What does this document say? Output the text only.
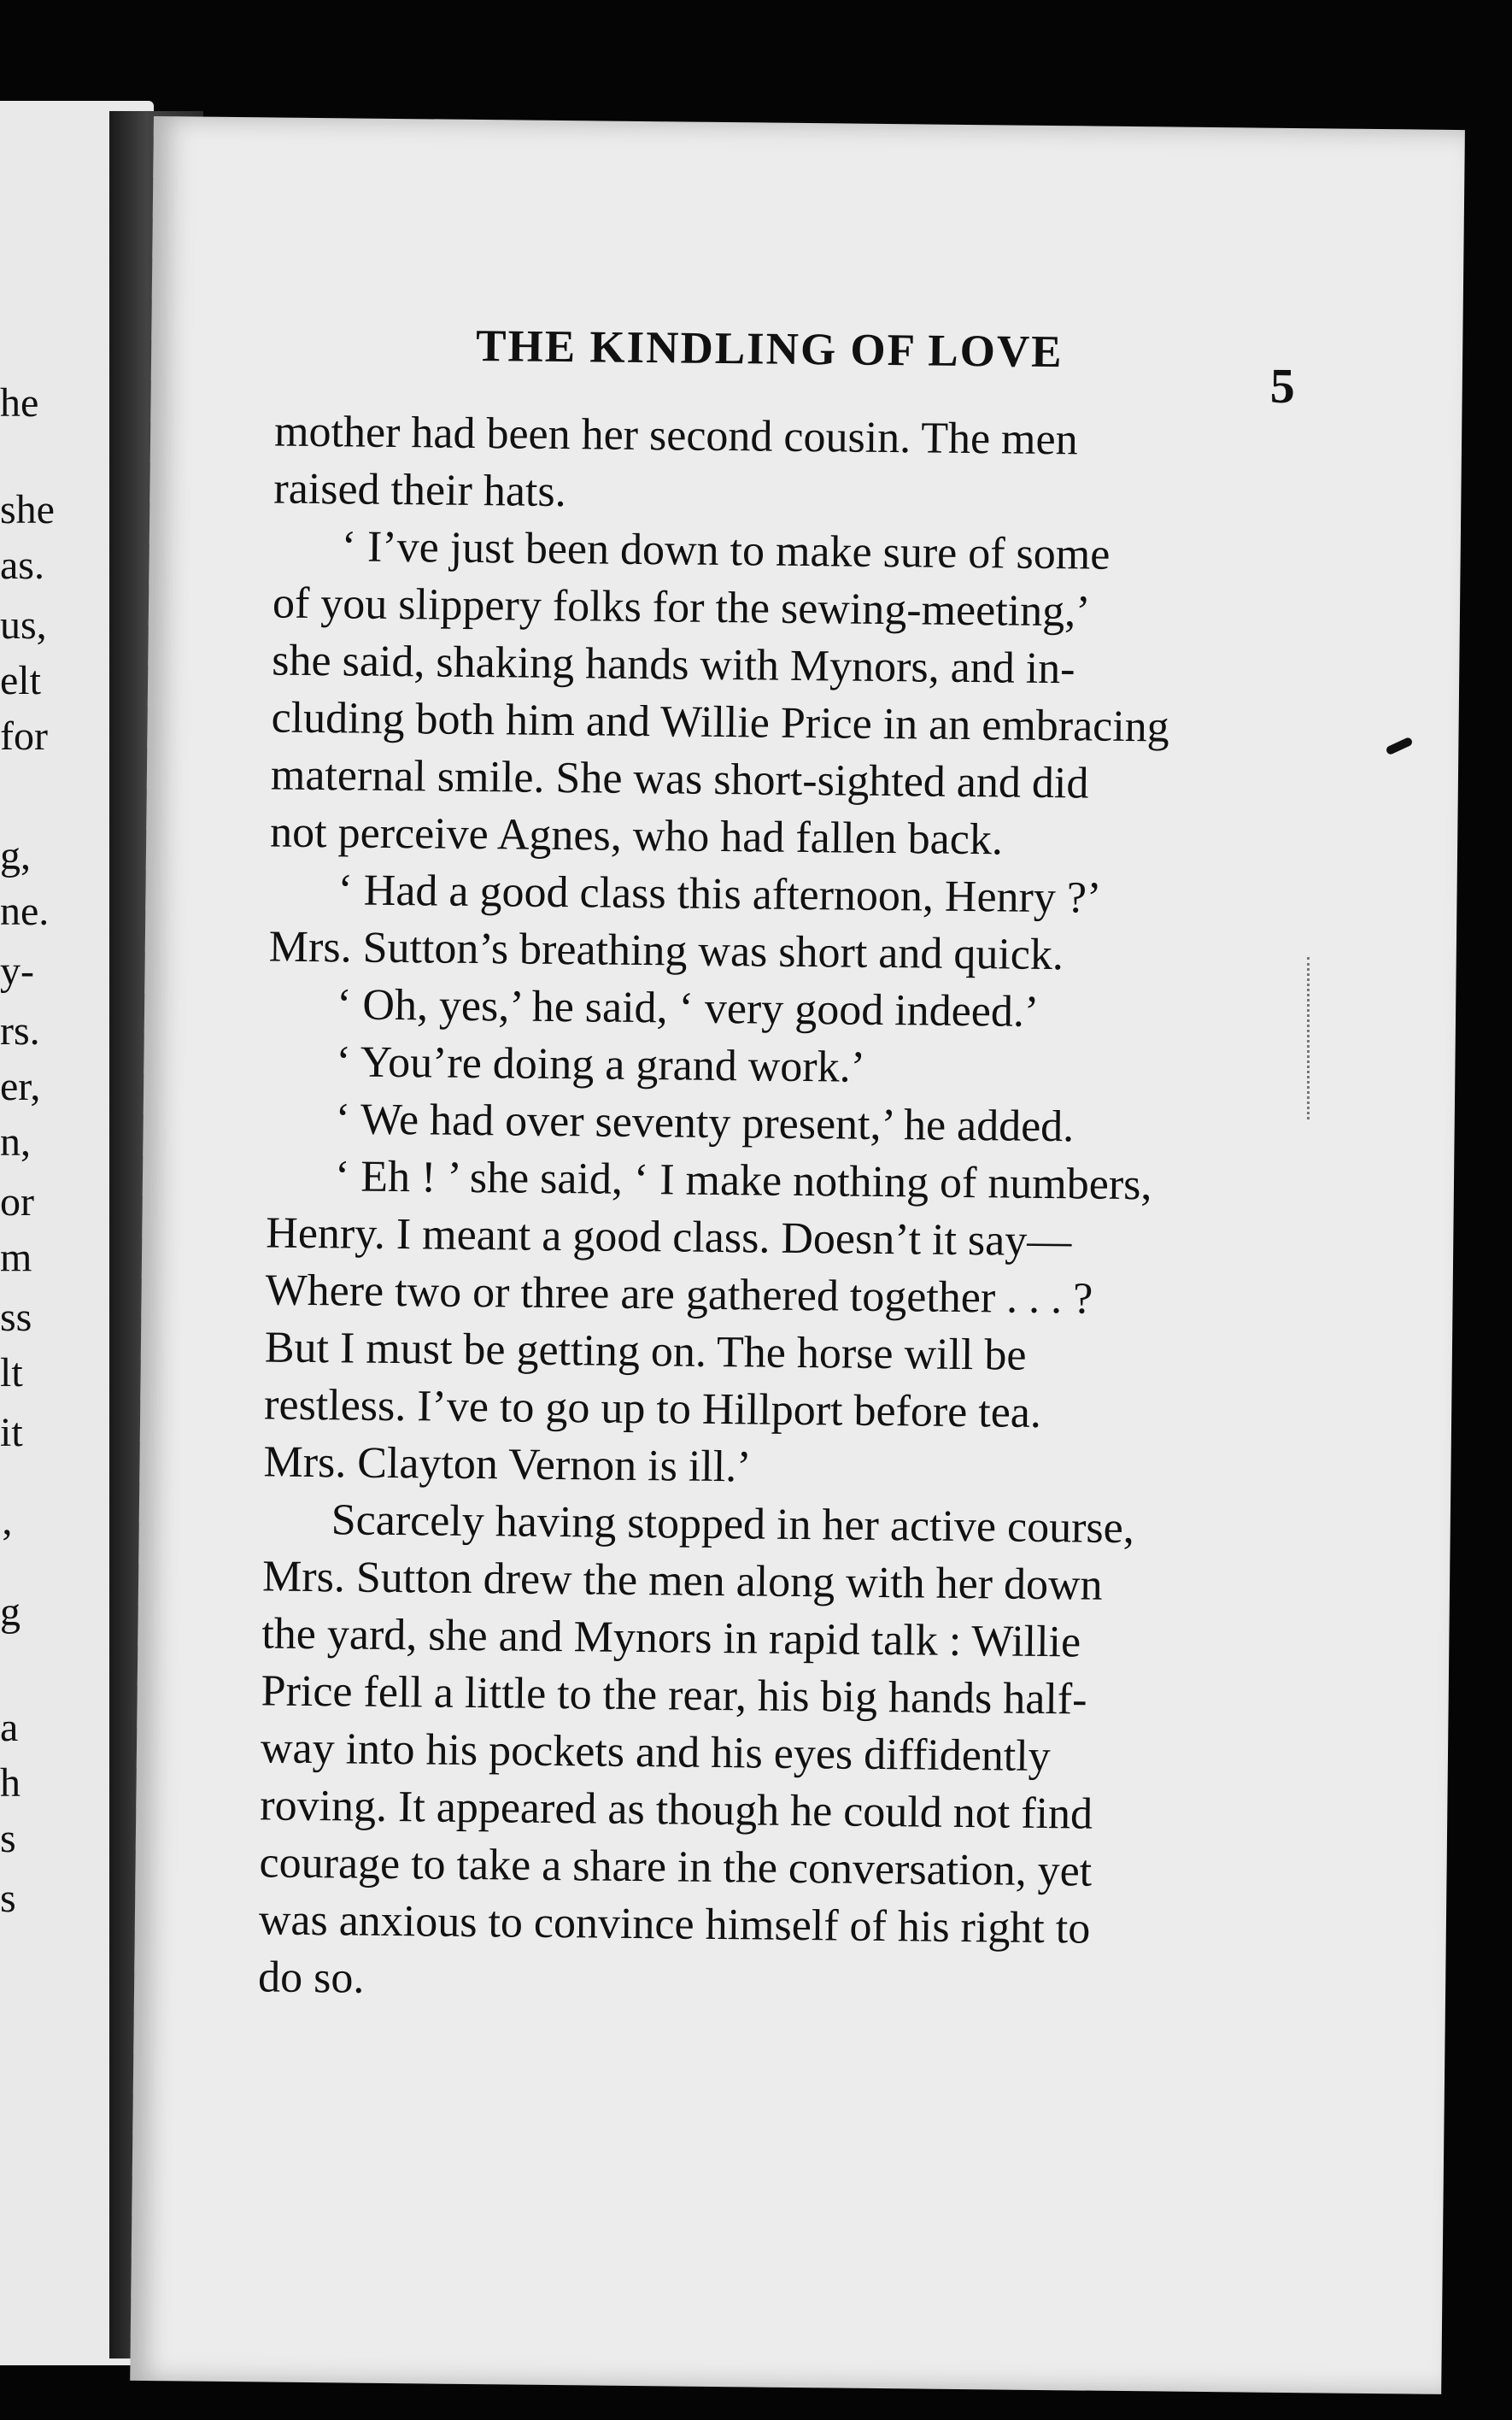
he
she
as.
us,
elt
for
g,
ne.
y-
rs.
er,
n,
or
m
ss
lt
it
’
g
a
h
s
s
THE KINDLING OF LOVE
5
mother had been her second cousin. The men
raised their hats.
‘ I’ve just been down to make sure of some
of you slippery folks for the sewing-meeting,’
she said, shaking hands with Mynors, and in-
cluding both him and Willie Price in an embracing
maternal smile. She was short-sighted and did
not perceive Agnes, who had fallen back.
‘ Had a good class this afternoon, Henry ?’
Mrs. Sutton’s breathing was short and quick.
‘ Oh, yes,’ he said, ‘ very good indeed.’
‘ You’re doing a grand work.’
‘ We had over seventy present,’ he added.
‘ Eh ! ’ she said, ‘ I make nothing of numbers,
Henry. I meant a good class. Doesn’t it say—
Where two or three are gathered together . . . ?
But I must be getting on. The horse will be
restless. I’ve to go up to Hillport before tea.
Mrs. Clayton Vernon is ill.’
Scarcely having stopped in her active course,
Mrs. Sutton drew the men along with her down
the yard, she and Mynors in rapid talk : Willie
Price fell a little to the rear, his big hands half-
way into his pockets and his eyes diffidently
roving. It appeared as though he could not find
courage to take a share in the conversation, yet
was anxious to convince himself of his right to
do so.
